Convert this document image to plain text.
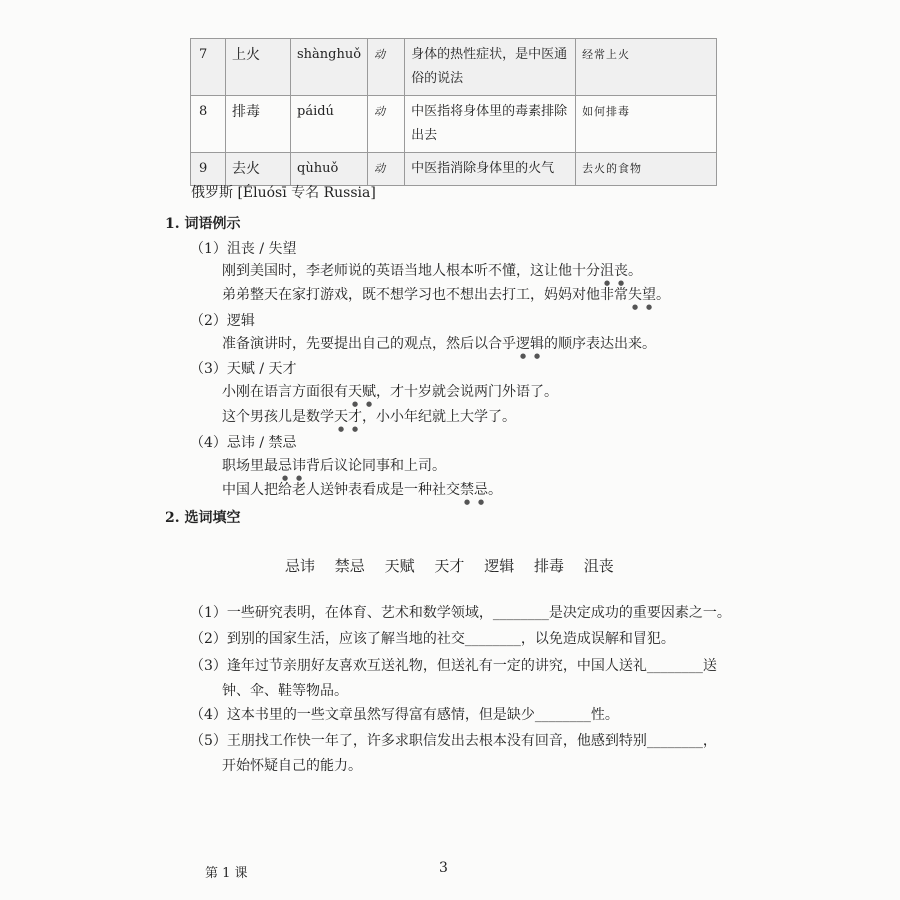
7	上火	shànghuǒ	动	身体的热性症状，是中医通俗的说法	经常上火
8	排毒	páidú	动	中医指将身体里的毒素排除出去	如何排毒
9	去火	qùhuǒ	动	中医指消除身体里的火气	去火的食物
俄罗斯 [Éluósī 专名 Russia]
1. 词语例示
（1）沮丧 / 失望
刚到美国时，李老师说的英语当地人根本听不懂，这让他十分沮丧。
弟弟整天在家打游戏，既不想学习也不想出去打工，妈妈对他非常失望。
（2）逻辑
准备演讲时，先要提出自己的观点，然后以合乎逻辑的顺序表达出来。
（3）天赋 / 天才
小刚在语言方面很有天赋，才十岁就会说两门外语了。
这个男孩儿是数学天才，小小年纪就上大学了。
（4）忌讳 / 禁忌
职场里最忌讳背后议论同事和上司。
中国人把给老人送钟表看成是一种社交禁忌。
2. 选词填空
忌讳 禁忌 天赋 天才 逻辑 排毒 沮丧
（1）一些研究表明，在体育、艺术和数学领域，________是决定成功的重要因素之一。
（2）到别的国家生活，应该了解当地的社交________，以免造成误解和冒犯。
（3）逢年过节亲朋好友喜欢互送礼物，但送礼有一定的讲究，中国人送礼________送
钟、伞、鞋等物品。
（4）这本书里的一些文章虽然写得富有感情，但是缺少________性。
（5）王朋找工作快一年了，许多求职信发出去根本没有回音，他感到特别________，
开始怀疑自己的能力。
第 1 课	3
